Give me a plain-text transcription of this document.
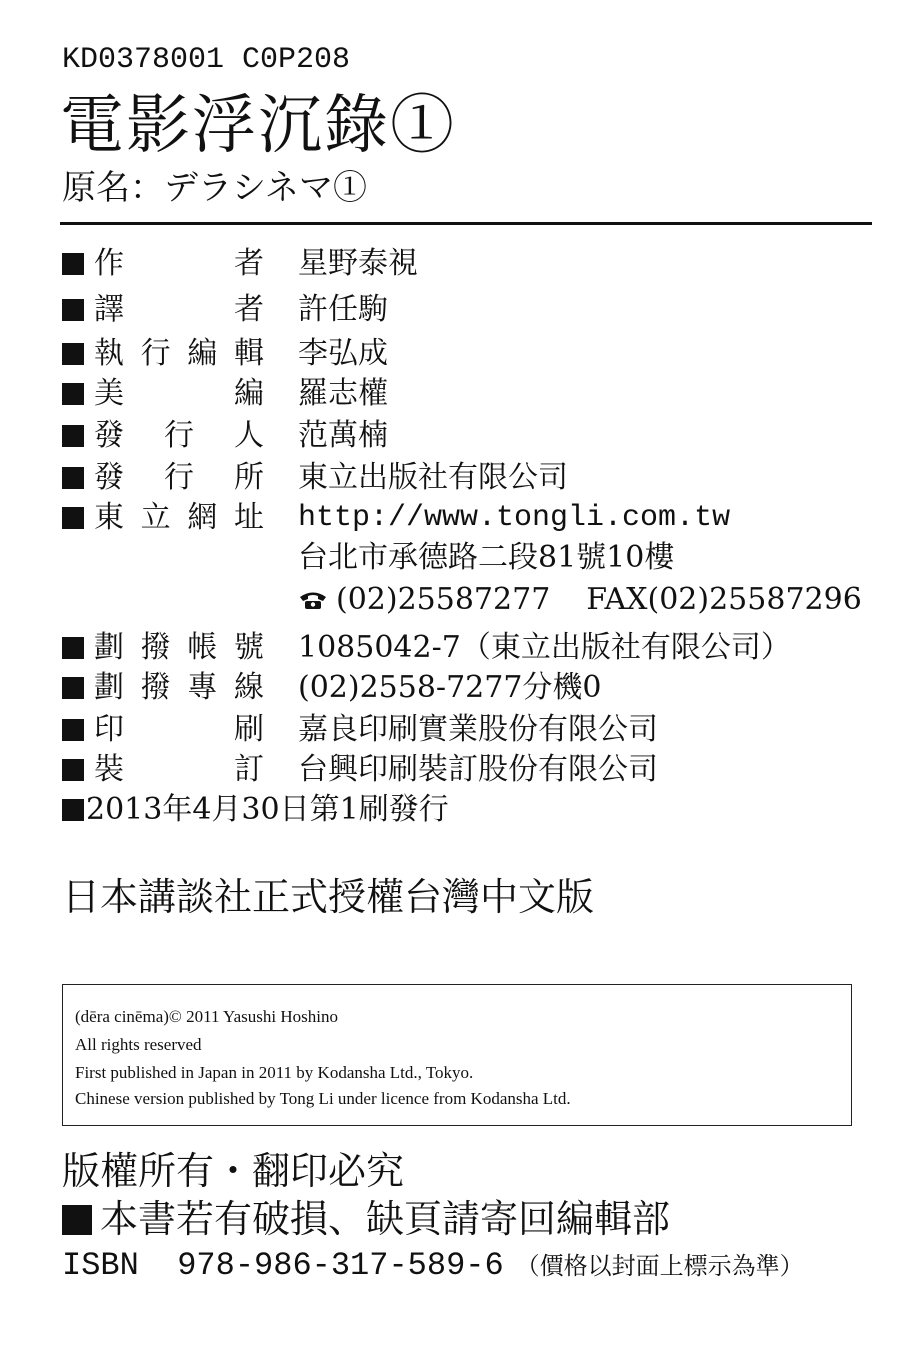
KD0378001 C0P208
電影浮沉錄①
原名：デラシネマ①
作	者 星野泰視
譯	者 許任駒
執 行 編 輯 李弘成
美	編 羅志權
發 行 人 范萬楠
發 行 所 東立出版社有限公司
東 立 網 址 http://www.tongli.com.tw
台北市承德路二段81號10樓
(02)25587277 FAX(02)25587296
劃 撥 帳 號 1085042-7（東立出版社有限公司）
劃 撥 專 線 (02)2558-7277分機0
印	刷 嘉良印刷實業股份有限公司
裝	訂 台興印刷裝訂股份有限公司
2013年4月30日第1刷發行
日本講談社正式授權台灣中文版
(dēra cinēma)© 2011 Yasushi Hoshino
All rights reserved
First published in Japan in 2011 by Kodansha Ltd., Tokyo.
Chinese version published by Tong Li under licence from Kodansha Ltd.
版權所有・翻印必究
本書若有破損、缺頁請寄回編輯部
ISBN  978-986-317-589-6 （價格以封面上標示為準）
